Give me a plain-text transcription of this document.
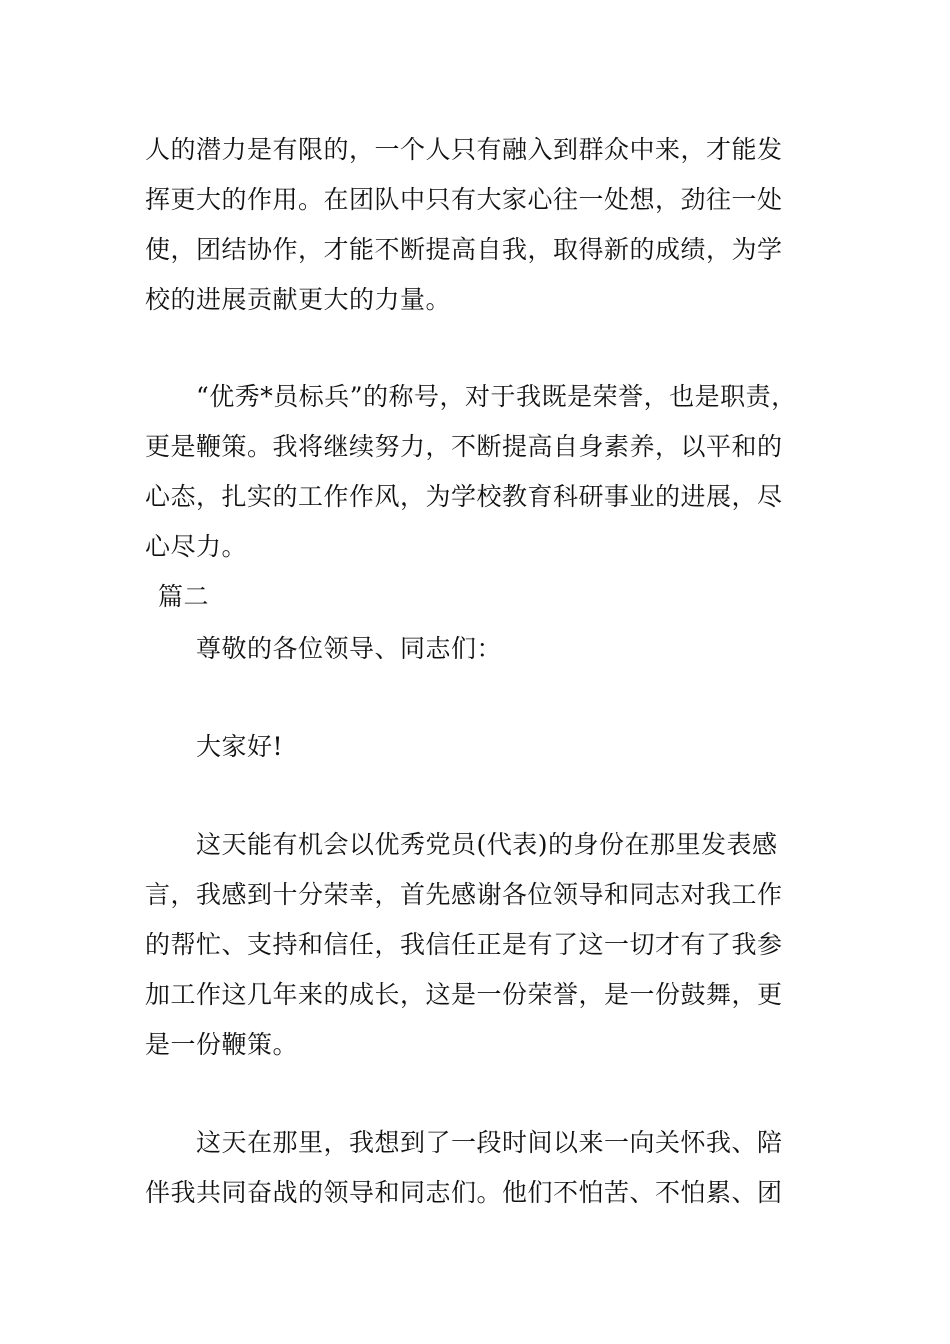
人的潜力是有限的，一个人只有融入到群众中来，才能发
挥更大的作用。在团队中只有大家心往一处想，劲往一处
使，团结协作，才能不断提高自我，取得新的成绩，为学
校的进展贡献更大的力量。
“优秀*员标兵”的称号，对于我既是荣誉，也是职责，
更是鞭策。我将继续努力，不断提高自身素养，以平和的
心态，扎实的工作作风，为学校教育科研事业的进展，尽
心尽力。
篇二
尊敬的各位领导、同志们：
大家好!
这天能有机会以优秀党员(代表)的身份在那里发表感
言，我感到十分荣幸，首先感谢各位领导和同志对我工作
的帮忙、支持和信任，我信任正是有了这一切才有了我参
加工作这几年来的成长，这是一份荣誉，是一份鼓舞，更
是一份鞭策。
这天在那里，我想到了一段时间以来一向关怀我、陪
伴我共同奋战的领导和同志们。他们不怕苦、不怕累、团
